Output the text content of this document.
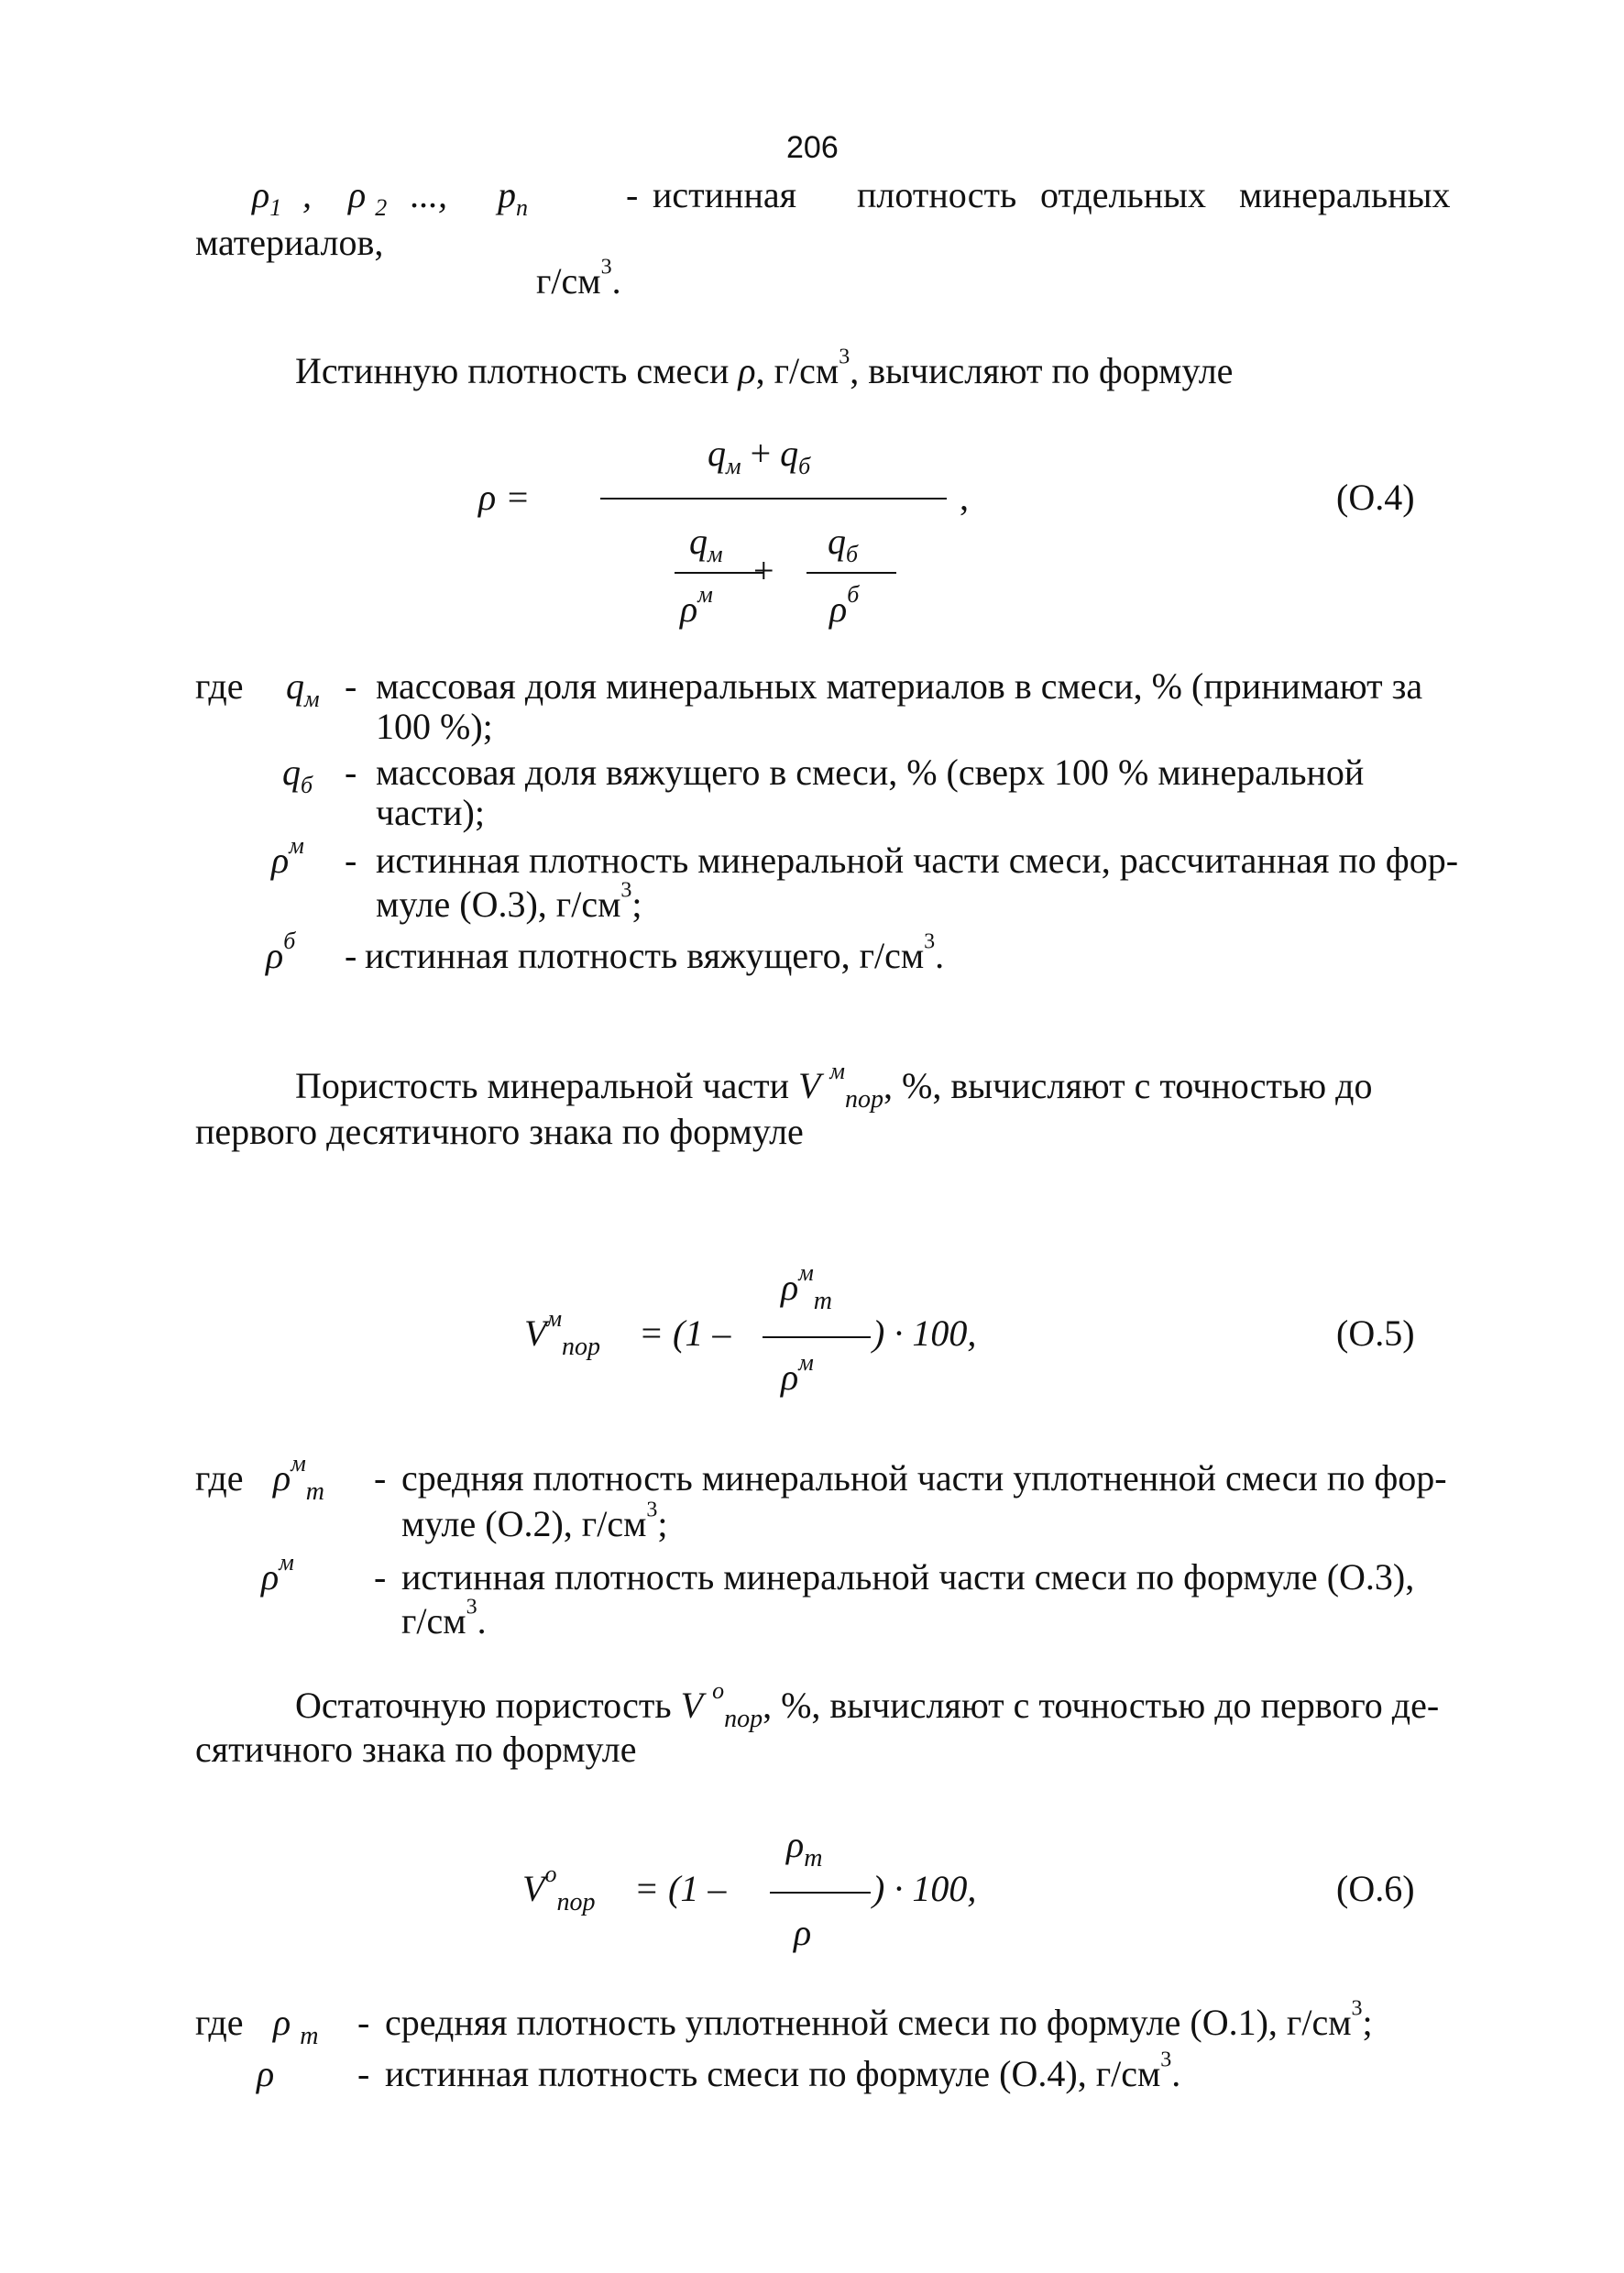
206
$\rho_1$ , ρ $_2$ ..., $p_n$	- истинная плотность отдельных минеральных
материалов,
$г/см^3$.
Истинную плотность смеси ρ, $г/см^3$, вычисляют по формуле
ρ =
$q_м + q_б$
,
$q_м$ +
$\rho^м$
$q_б$
$\rho^б$
(О.4)
где $q_м$ - массовая доля минеральных материалов в смеси, % (принимают за
100 %);
$q_б$ - массовая доля вяжущего в смеси, % (сверх 100 % минеральной
части);
$\rho^м$ - истинная плотность минеральной части смеси, рассчитанная по фор-
муле (О.3), $г/см^3$;
$\rho^б$ - истинная плотность вяжущего, $г/см^3$.
Пористость минеральной части V $^м_{пор}$, %, вычисляют с точностью до
первого десятичного знака по формуле
$V^м_{пор} = (1$ –
$\rho^м_т$
$\rho^м$
) · 100,	(О.5)
где $\rho^м_т$ - средняя плотность минеральной части уплотненной смеси по фор-
муле (О.2), $г/см^3$;
$\rho^м$ - истинная плотность минеральной части смеси по формуле (О.3),
$г/см^3$.
Остаточную пористость V $^о_{пор}$, %, вычисляют с точностью до первого де-
сятичного знака по формуле
$V^о_{пор} = (1$ –
$\rho_т$
ρ
) · 100,	(О.6)
где ρ $_т$ - средняя плотность уплотненной смеси по формуле (О.1), $г/см^3$;
ρ - истинная плотность смеси по формуле (О.4), $г/см^3$.
